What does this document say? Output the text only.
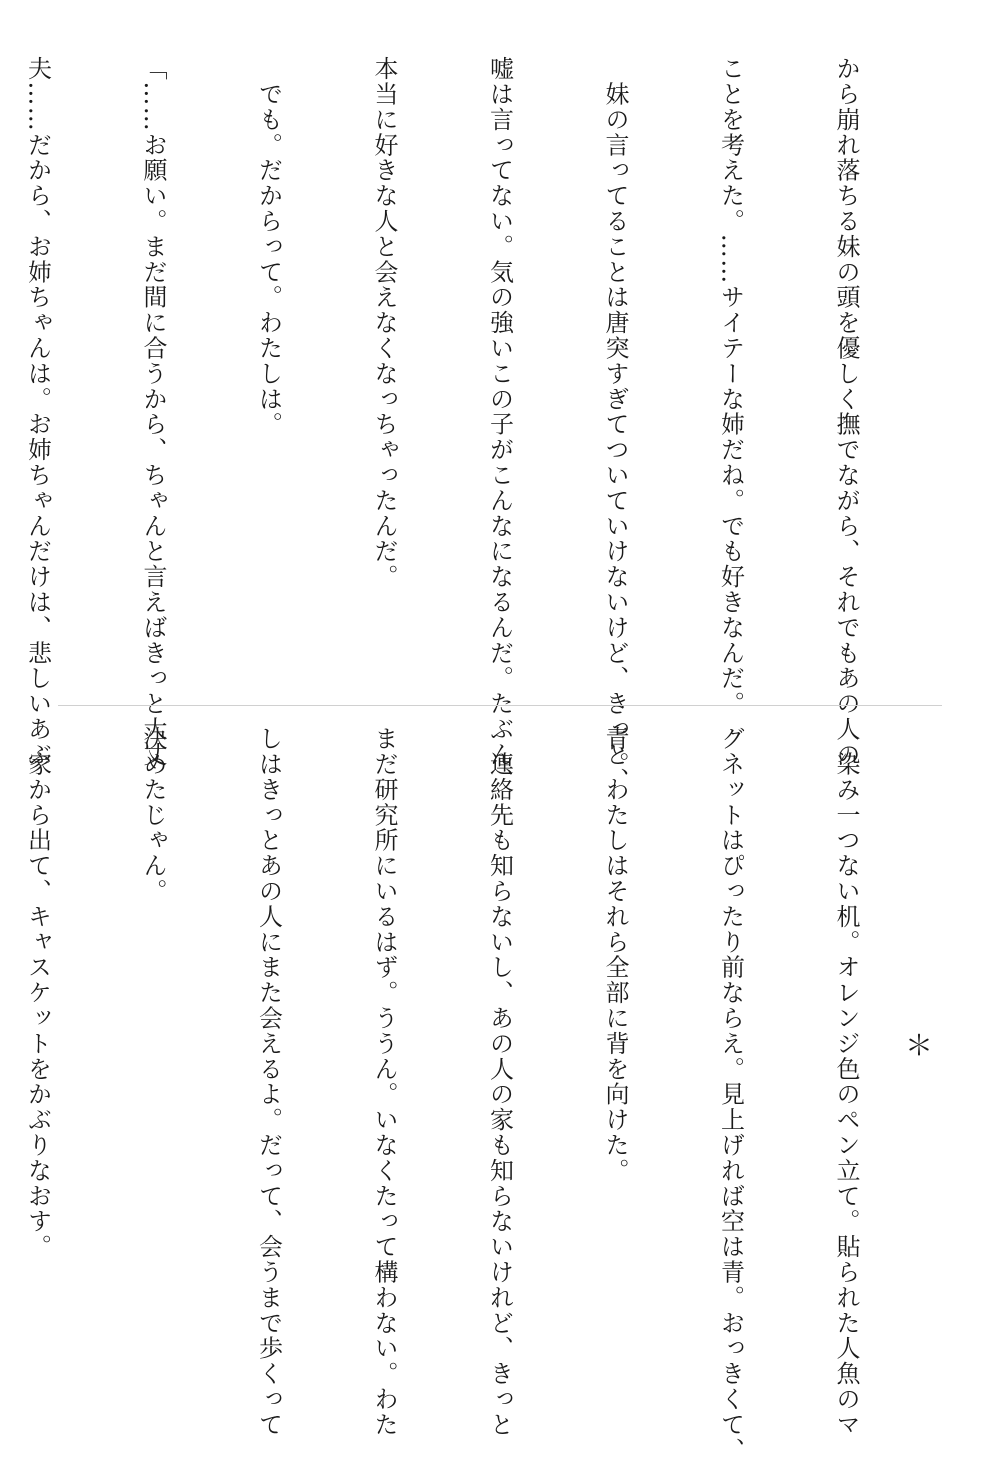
から崩れ落ちる妹の頭を優しく撫でながら、それでもあの人の

ことを考えた。……サイテーな姉だね。でも好きなんだ。

　妹の言ってることは唐突すぎてついていけないけど、きっと、

嘘は言ってない。気の強いこの子がこんなになるんだ。たぶん、

本当に好きな人と会えなくなっちゃったんだ。

　でも。だからって。わたしは。

「……お願い。まだ間に合うから、ちゃんと言えばきっと大丈

夫……だから、お姉ちゃんは。お姉ちゃんだけは、悲しいあぶ

＊

　染み一つない机。オレンジ色のペン立て。貼られた人魚のマ

グネットはぴったり前ならえ。見上げれば空は青。おっきくて、

青。わたしはそれら全部に背を向けた。

　連絡先も知らないし、あの人の家も知らないけれど、きっと

まだ研究所にいるはず。ううん。いなくたって構わない。わた

しはきっとあの人にまた会えるよ。だって、会うまで歩くって

決めたじゃん。

　家から出て、キャスケットをかぶりなおす。
